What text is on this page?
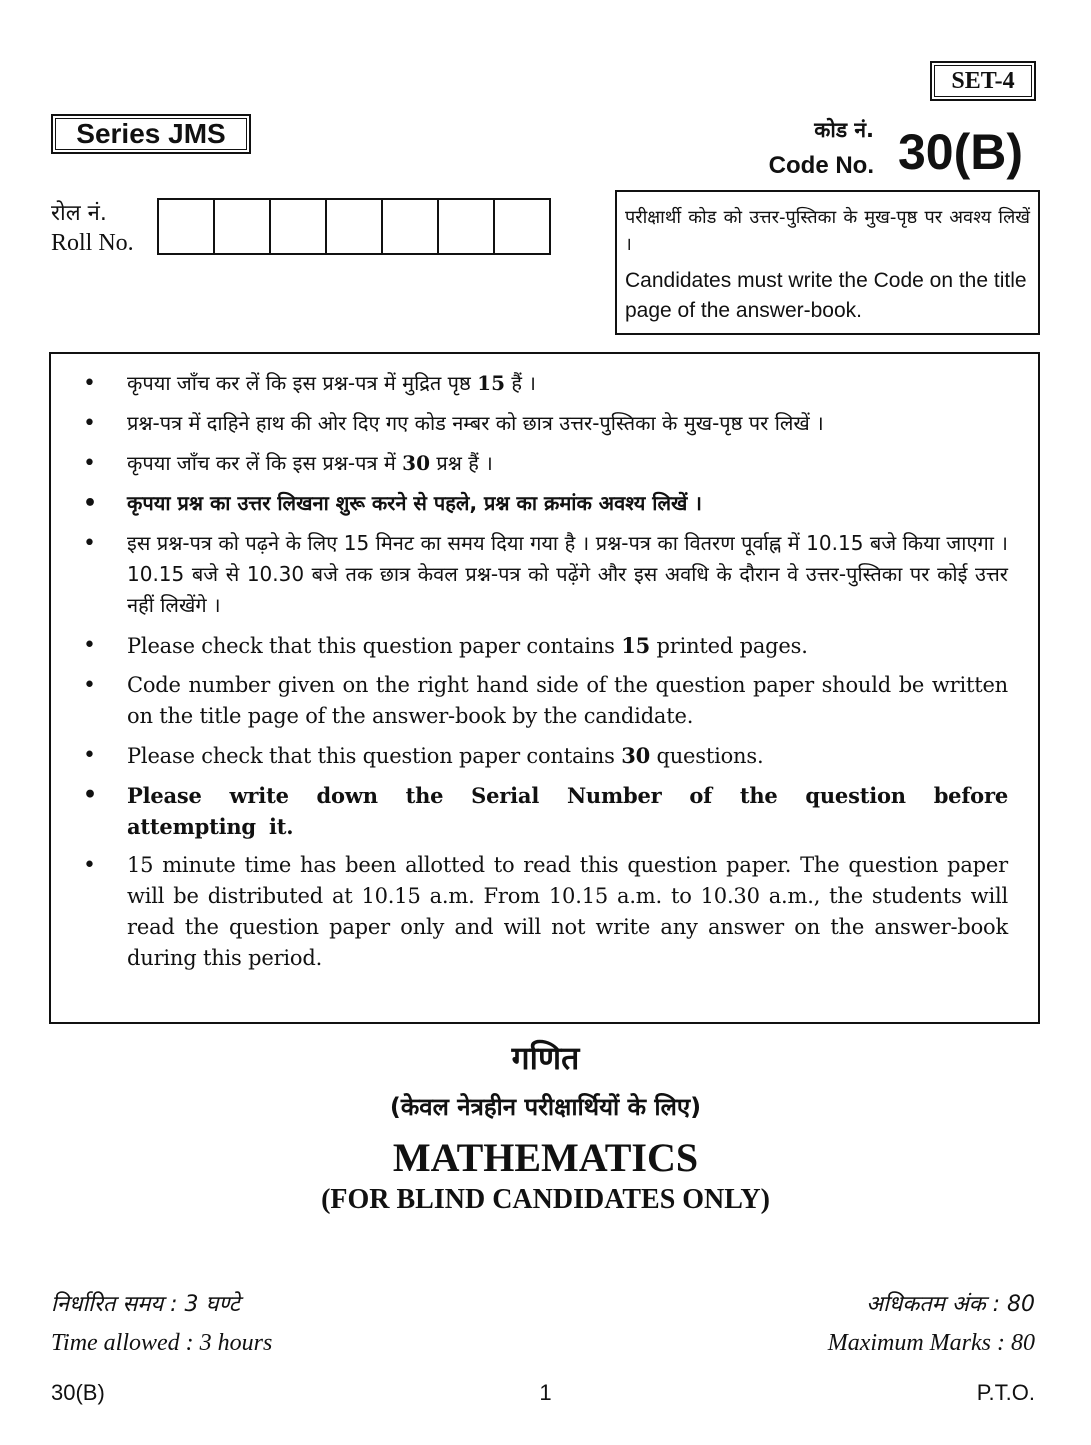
SET-4
Series JMS	कोड नं.
Code No. 30(B)
रोल नं.
Roll No.
परीक्षार्थी कोड को उत्तर-पुस्तिका के मुख-पृष्ठ पर अवश्य लिखें ।
Candidates must write the Code on the title page of the answer-book.
• कृपया जाँच कर लें कि इस प्रश्न-पत्र में मुद्रित पृष्ठ 15 हैं ।
• प्रश्न-पत्र में दाहिने हाथ की ओर दिए गए कोड नम्बर को छात्र उत्तर-पुस्तिका के मुख-पृष्ठ पर लिखें ।
• कृपया जाँच कर लें कि इस प्रश्न-पत्र में 30 प्रश्न हैं ।
• कृपया प्रश्न का उत्तर लिखना शुरू करने से पहले, प्रश्न का क्रमांक अवश्य लिखें ।
• इस प्रश्न-पत्र को पढ़ने के लिए 15 मिनट का समय दिया गया है । प्रश्न-पत्र का वितरण पूर्वाह्न में 10.15 बजे किया जाएगा । 10.15 बजे से 10.30 बजे तक छात्र केवल प्रश्न-पत्र को पढ़ेंगे और इस अवधि के दौरान वे उत्तर-पुस्तिका पर कोई उत्तर नहीं लिखेंगे ।
• Please check that this question paper contains 15 printed pages.
• Code number given on the right hand side of the question paper should be written on the title page of the answer-book by the candidate.
• Please check that this question paper contains 30 questions.
• Please write down the Serial Number of the question before attempting it.
• 15 minute time has been allotted to read this question paper. The question paper will be distributed at 10.15 a.m. From 10.15 a.m. to 10.30 a.m., the students will read the question paper only and will not write any answer on the answer-book during this period.
गणित
(केवल नेत्रहीन परीक्षार्थियों के लिए)
MATHEMATICS
(FOR BLIND CANDIDATES ONLY)
निर्धारित समय : 3 घण्टे
Time allowed : 3 hours
अधिकतम अंक : 80
Maximum Marks : 80
30(B)	1	P.T.O.
